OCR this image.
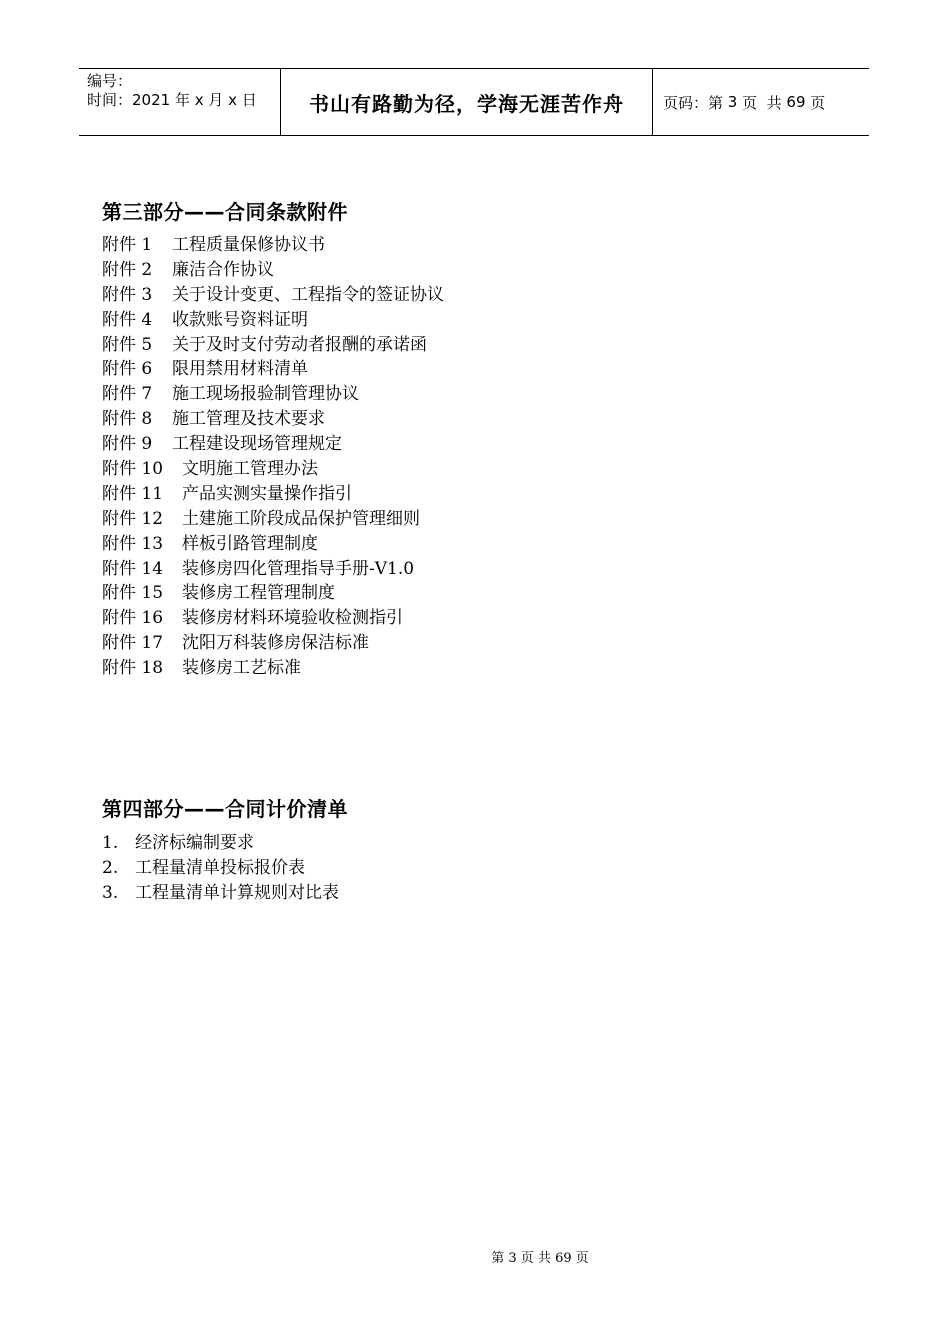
编号：
时间：2021 年 x 月 x 日	书山有路勤为径，学海无涯苦作舟	页码：第 3 页  共 69 页
第三部分——合同条款附件
附件 1 工程质量保修协议书
附件 2 廉洁合作协议
附件 3 关于设计变更、工程指令的签证协议
附件 4 收款账号资料证明
附件 5 关于及时支付劳动者报酬的承诺函
附件 6 限用禁用材料清单
附件 7 施工现场报验制管理协议
附件 8 施工管理及技术要求
附件 9 工程建设现场管理规定
附件 10 文明施工管理办法
附件 11 产品实测实量操作指引
附件 12 土建施工阶段成品保护管理细则
附件 13 样板引路管理制度
附件 14 装修房四化管理指导手册-V1.0
附件 15 装修房工程管理制度
附件 16 装修房材料环境验收检测指引
附件 17 沈阳万科装修房保洁标准
附件 18 装修房工艺标准
第四部分——合同计价清单
1. 经济标编制要求
2. 工程量清单投标报价表
3. 工程量清单计算规则对比表
第 3 页 共 69 页
